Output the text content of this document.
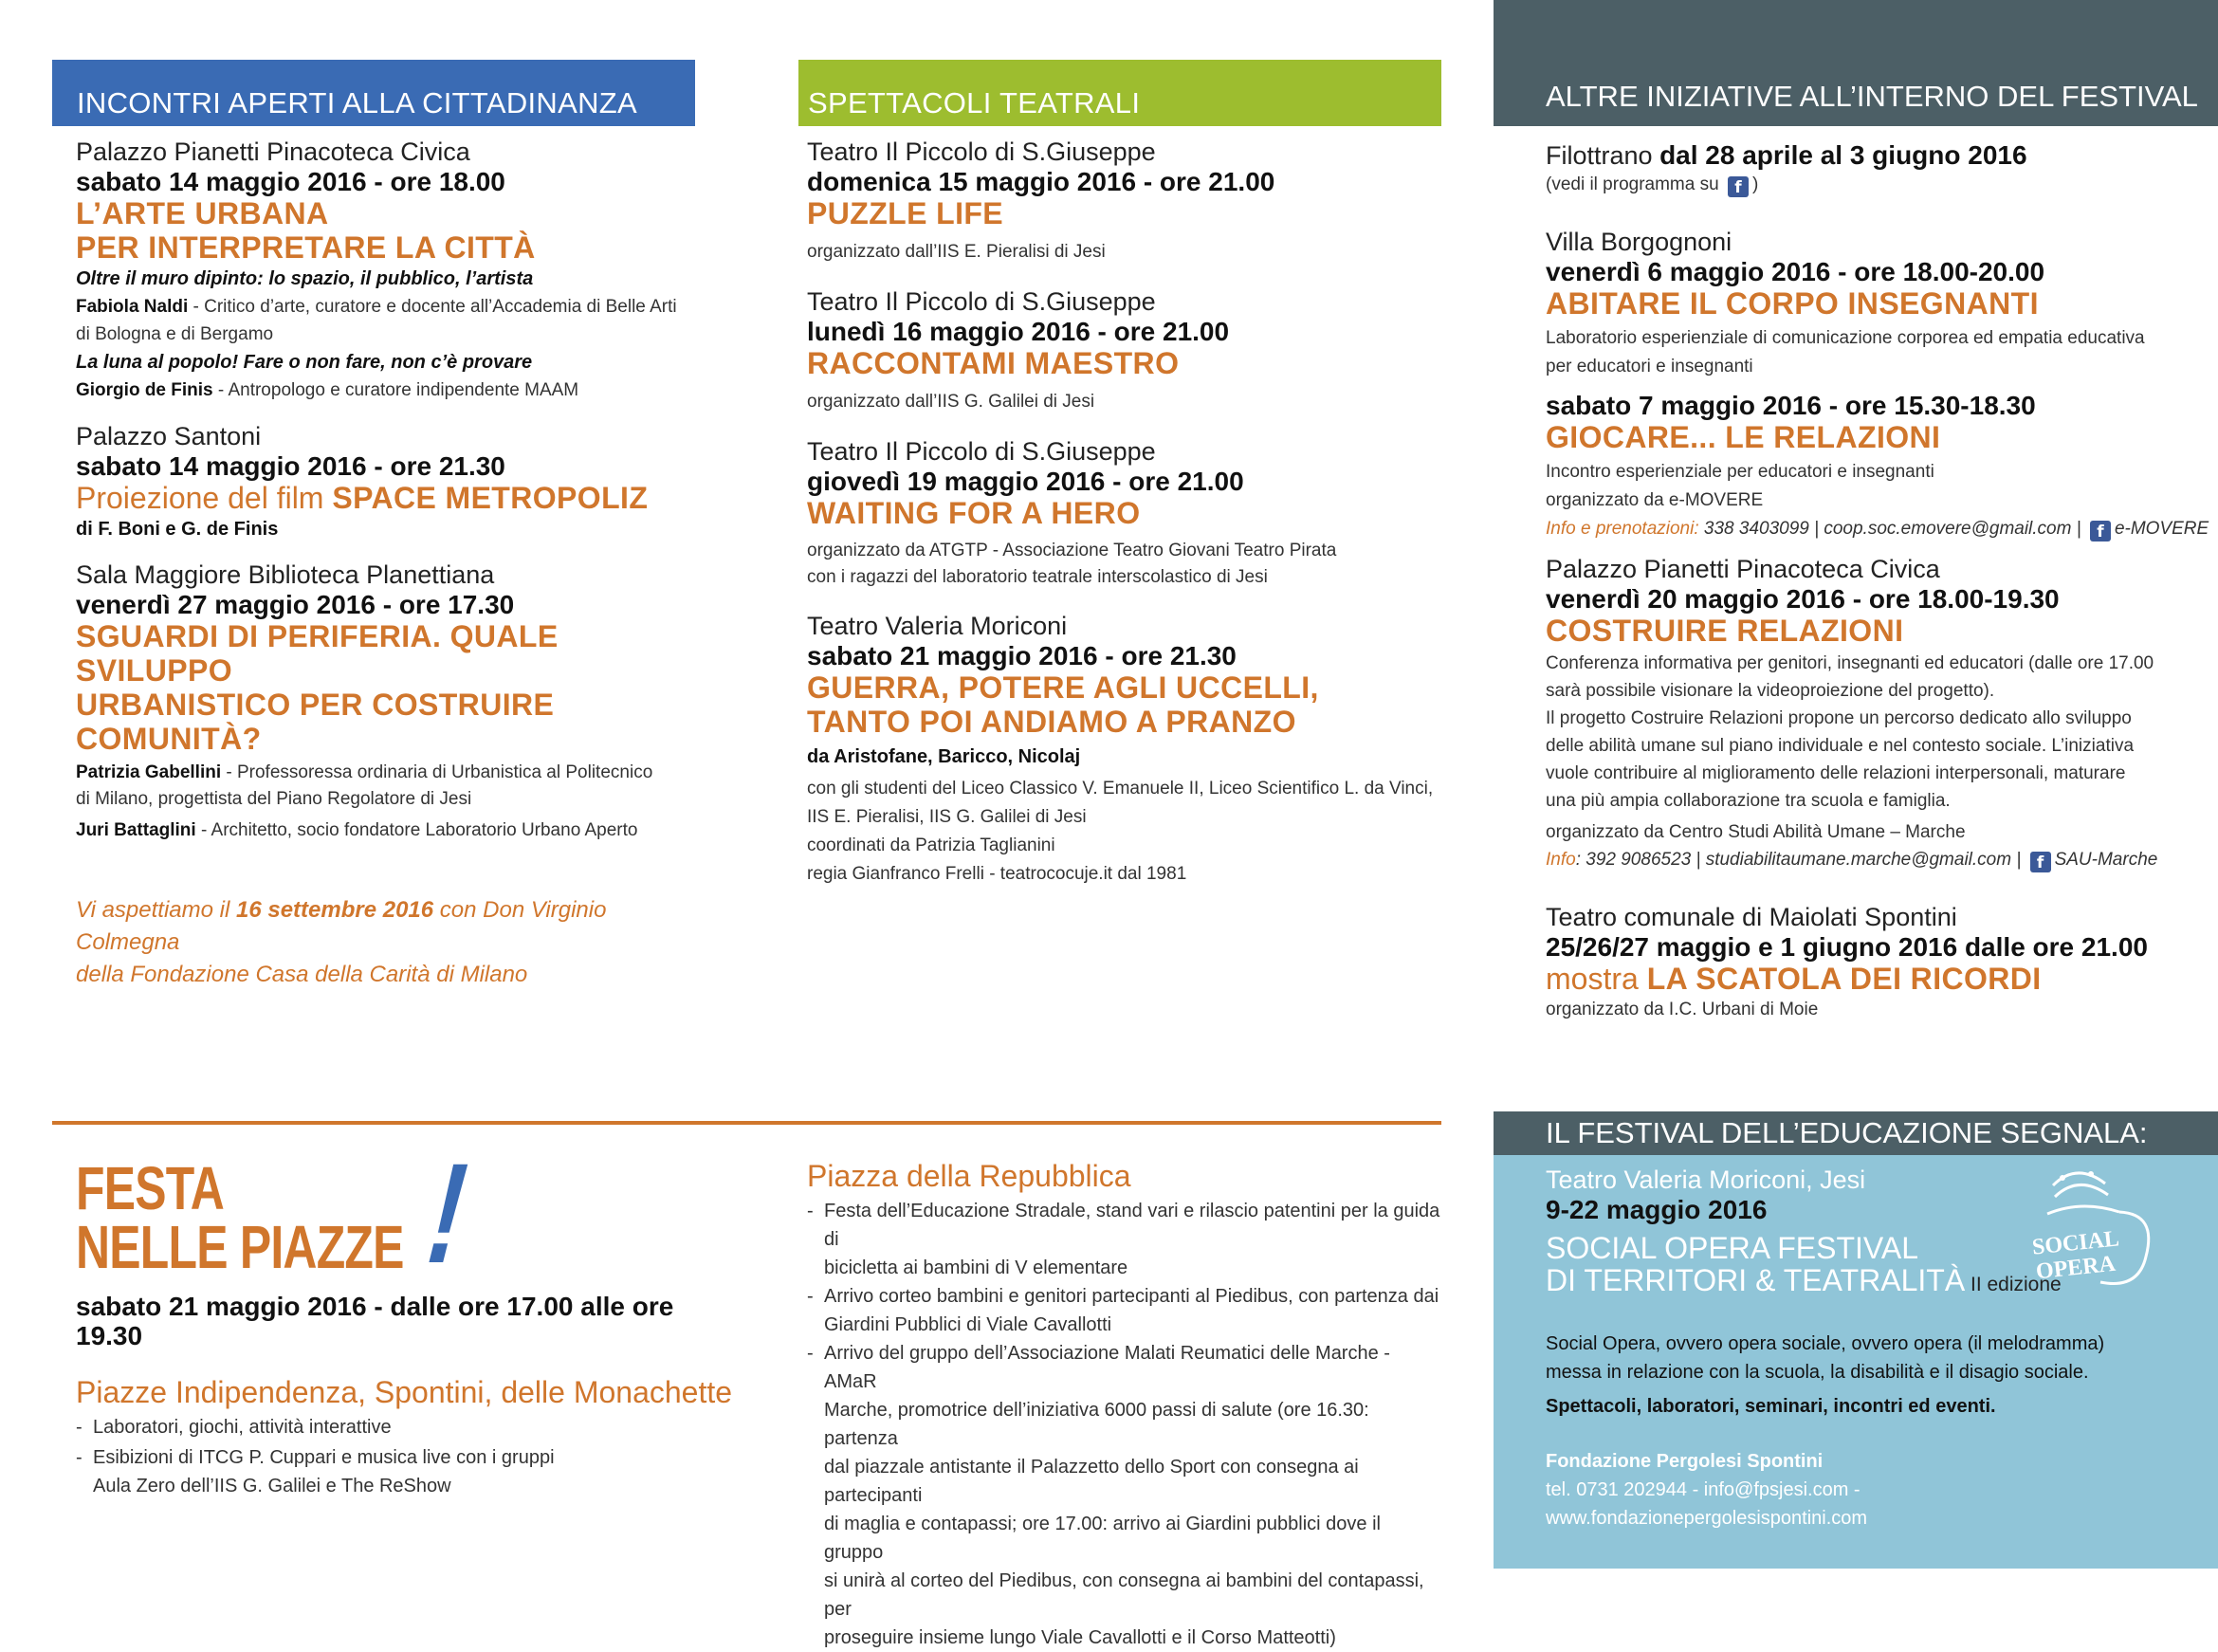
INCONTRI APERTI ALLA CITTADINANZA
Palazzo Pianetti Pinacoteca Civica
sabato 14 maggio 2016 - ore 18.00
L’ARTE URBANA
PER INTERPRETARE LA CITTÀ
Oltre il muro dipinto: lo spazio, il pubblico, l’artista
Fabiola Naldi - Critico d’arte, curatore e docente all’Accademia di Belle Arti
di Bologna e di Bergamo
La luna al popolo! Fare o non fare, non c’è provare
Giorgio de Finis - Antropologo e curatore indipendente MAAM
Palazzo Santoni
sabato 14 maggio 2016 - ore 21.30
Proiezione del film SPACE METROPOLIZ
di F. Boni e G. de Finis
Sala Maggiore Biblioteca Planettiana
venerdì 27 maggio 2016 - ore 17.30
SGUARDI DI PERIFERIA. QUALE SVILUPPO
URBANISTICO PER COSTRUIRE COMUNITÀ?
Patrizia Gabellini - Professoressa ordinaria di Urbanistica al Politecnico
di Milano, progettista del Piano Regolatore di Jesi
Juri Battaglini - Architetto, socio fondatore Laboratorio Urbano Aperto
Vi aspettiamo il 16 settembre 2016 con Don Virginio Colmegna
della Fondazione Casa della Carità di Milano
SPETTACOLI TEATRALI
Teatro Il Piccolo di S.Giuseppe
domenica 15 maggio 2016 - ore 21.00
PUZZLE LIFE
organizzato dall’IIS E. Pieralisi di Jesi
Teatro Il Piccolo di S.Giuseppe
lunedì 16 maggio 2016 - ore 21.00
RACCONTAMI MAESTRO
organizzato dall’IIS G. Galilei di Jesi
Teatro Il Piccolo di S.Giuseppe
giovedì 19 maggio 2016 - ore 21.00
WAITING FOR A HERO
organizzato da ATGTP - Associazione Teatro Giovani Teatro Pirata
con i ragazzi del laboratorio teatrale interscolastico di Jesi
Teatro Valeria Moriconi
sabato 21 maggio 2016 - ore 21.30
GUERRA, POTERE AGLI UCCELLI,
TANTO POI ANDIAMO A PRANZO
da Aristofane, Baricco, Nicolaj
con gli studenti del Liceo Classico V. Emanuele II, Liceo Scientifico L. da Vinci,
IIS E. Pieralisi, IIS G. Galilei di Jesi
coordinati da Patrizia Taglianini
regia Gianfranco Frelli - teatrococuje.it dal 1981
ALTRE INIZIATIVE ALL’INTERNO DEL FESTIVAL
Filottrano dal 28 aprile al 3 giugno 2016
(vedi il programma su f )
Villa Borgognoni
venerdì 6 maggio 2016 - ore 18.00-20.00
ABITARE IL CORPO INSEGNANTI
Laboratorio esperienziale di comunicazione corporea ed empatia educativa
per educatori e insegnanti
sabato 7 maggio 2016 - ore 15.30-18.30
GIOCARE... LE RELAZIONI
Incontro esperienziale per educatori e insegnanti
organizzato da e-MOVERE
Info e prenotazioni: 338 3403099 | coop.soc.emovere@gmail.com | f e-MOVERE
Palazzo Pianetti Pinacoteca Civica
venerdì 20 maggio 2016 - ore 18.00-19.30
COSTRUIRE RELAZIONI
Conferenza informativa per genitori, insegnanti ed educatori (dalle ore 17.00
sarà possibile visionare la videoproiezione del progetto).
Il progetto Costruire Relazioni propone un percorso dedicato allo sviluppo
delle abilità umane sul piano individuale e nel contesto sociale. L’iniziativa
vuole contribuire al miglioramento delle relazioni interpersonali, maturare
una più ampia collaborazione tra scuola e famiglia.
organizzato da Centro Studi Abilità Umane – Marche
Info: 392 9086523 | studiabilitaumane.marche@gmail.com | f SAU-Marche
Teatro comunale di Maiolati Spontini
25/26/27 maggio e 1 giugno 2016 dalle ore 21.00
mostra LA SCATOLA DEI RICORDI
organizzato da I.C. Urbani di Moie
FESTA
NELLE PIAZZE !
sabato 21 maggio 2016 - dalle ore 17.00 alle ore 19.30
Piazze Indipendenza, Spontini, delle Monachette
- Laboratori, giochi, attività interattive
- Esibizioni di ITCG P. Cuppari e musica live con i gruppi
Aula Zero dell’IIS G. Galilei e The ReShow
Piazza della Repubblica
- Festa dell’Educazione Stradale, stand vari e rilascio patentini per la guida di
bicicletta ai bambini di V elementare
- Arrivo corteo bambini e genitori partecipanti al Piedibus, con partenza dai
Giardini Pubblici di Viale Cavallotti
- Arrivo del gruppo dell’Associazione Malati Reumatici delle Marche - AMaR
Marche, promotrice dell’iniziativa 6000 passi di salute (ore 16.30: partenza
dal piazzale antistante il Palazzetto dello Sport con consegna ai partecipanti
di maglia e contapassi; ore 17.00: arrivo ai Giardini pubblici dove il gruppo
si unirà al corteo del Piedibus, con consegna ai bambini del contapassi, per
proseguire insieme lungo Viale Cavallotti e il Corso Matteotti)
IL FESTIVAL DELL’EDUCAZIONE SEGNALA:
Teatro Valeria Moriconi, Jesi
9-22 maggio 2016
SOCIAL OPERA FESTIVAL
DI TERRITORI & TEATRALITÀ II edizione
Social Opera, ovvero opera sociale, ovvero opera (il melodramma)
messa in relazione con la scuola, la disabilità e il disagio sociale.
Spettacoli, laboratori, seminari, incontri ed eventi.
Fondazione Pergolesi Spontini
tel. 0731 202944 - info@fpsjesi.com - www.fondazionepergolesispontini.com
SOCIAL
OPERA
